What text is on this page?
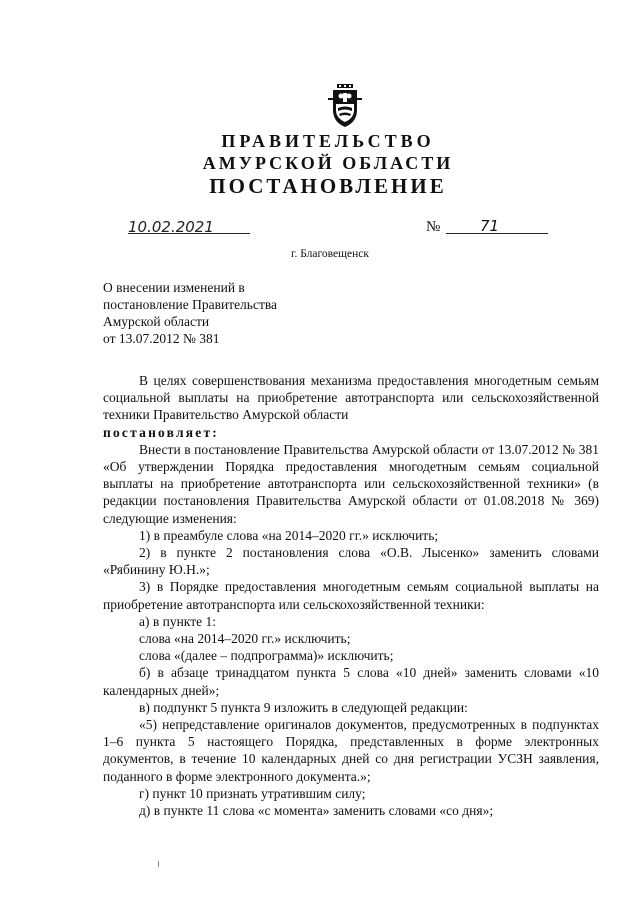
ПРАВИТЕЛЬСТВО
АМУРСКОЙ ОБЛАСТИ
ПОСТАНОВЛЕНИЕ
10.02.2021	№	71
г. Благовещенск
О внесении изменений в
постановление Правительства
Амурской области
от 13.07.2012 № 381

В целях совершенствования механизма предоставления многодетным семьям социальной выплаты на приобретение автотранспорта или сельскохозяйственной техники Правительство Амурской области

постановляет:

Внести в постановление Правительства Амурской области от 13.07.2012 № 381 «Об утверждении Порядка предоставления многодетным семьям социальной выплаты на приобретение автотранспорта или сельскохозяйственной техники» (в редакции постановления Правительства Амурской области от 01.08.2018 № 369) следующие изменения:

1) в преамбуле слова «на 2014–2020 гг.» исключить;

2) в пункте 2 постановления слова «О.В. Лысенко» заменить словами «Рябинину Ю.Н.»;

3) в Порядке предоставления многодетным семьям социальной выплаты на приобретение автотранспорта или сельскохозяйственной техники:

а) в пункте 1:

слова «на 2014–2020 гг.» исключить;

слова «(далее – подпрограмма)» исключить;

б) в абзаце тринадцатом пункта 5 слова «10 дней» заменить словами «10 календарных дней»;

в) подпункт 5 пункта 9 изложить в следующей редакции:

«5) непредставление оригиналов документов, предусмотренных в подпунктах 1–6 пункта 5 настоящего Порядка, представленных в форме электронных документов, в течение 10 календарных дней со дня регистрации УСЗН заявления, поданного в форме электронного документа.»;

г) пункт 10 признать утратившим силу;

д) в пункте 11 слова «с момента» заменить словами «со дня»;
